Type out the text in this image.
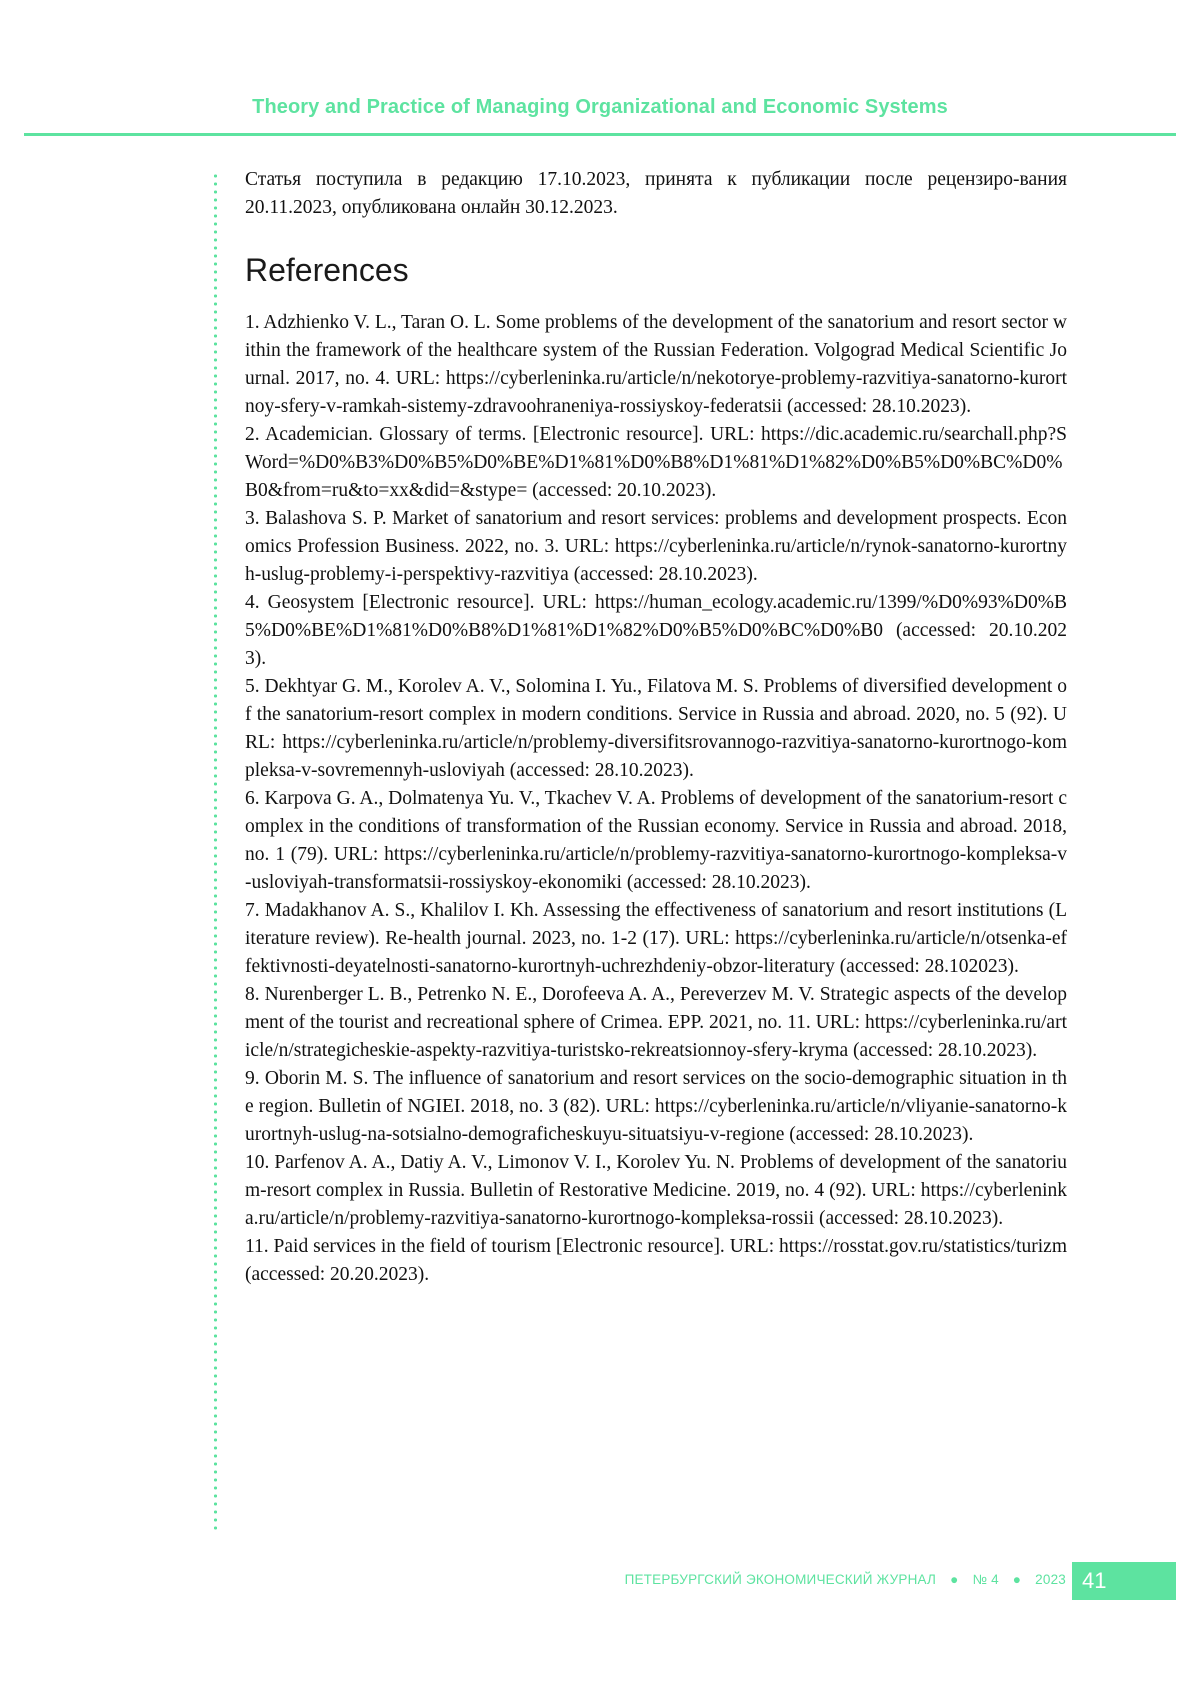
Theory and Practice of Managing Organizational and Economic Systems

Статья поступила в редакцию 17.10.2023, принята к публикации после рецензиро-вания 20.11.2023, опубликована онлайн 30.12.2023.

References
1. Adzhienko V. L., Taran O. L. Some problems of the development of the sanatorium and resort sector within the framework of the healthcare system of the Russian Federation. Volgograd Medical Scientific Journal. 2017, no. 4. URL: https://cyberleninka.ru/article/n/nekotorye-problemy-razvitiya-sanatorno-kurortnoy-sfery-v-ramkah-sistemy-zdravoohraneniya-rossiyskoy-federatsii (accessed: 28.10.2023).
2. Academician. Glossary of terms. [Electronic resource]. URL: https://dic.academic.ru/searchall.php?SWord=%D0%B3%D0%B5%D0%BE%D1%81%D0%B8%D1%81%D1%82%D0%B5%D0%BC%D0%B0&from=ru&to=xx&did=&stype= (accessed: 20.10.2023).
3. Balashova S. P. Market of sanatorium and resort services: problems and development prospects. Economics Profession Business. 2022, no. 3. URL: https://cyberleninka.ru/article/n/rynok-sanatorno-kurortnyh-uslug-problemy-i-perspektivy-razvitiya (accessed: 28.10.2023).
4. Geosystem [Electronic resource]. URL: https://human_ecology.academic.ru/1399/%D0%93%D0%B5%D0%BE%D1%81%D0%B8%D1%81%D1%82%D0%B5%D0%BC%D0%B0 (accessed: 20.10.2023).
5. Dekhtyar G. M., Korolev A. V., Solomina I. Yu., Filatova M. S. Problems of diversified development of the sanatorium-resort complex in modern conditions. Service in Russia and abroad. 2020, no. 5 (92). URL: https://cyberleninka.ru/article/n/problemy-diversifitsrovannogo-razvitiya-sanatorno-kurortnogo-kompleksa-v-sovremennyh-usloviyah (accessed: 28.10.2023).
6. Karpova G. A., Dolmatenya Yu. V., Tkachev V. A. Problems of development of the sanatorium-resort complex in the conditions of transformation of the Russian economy. Service in Russia and abroad. 2018, no. 1 (79). URL: https://cyberleninka.ru/article/n/problemy-razvitiya-sanatorno-kurortnogo-kompleksa-v-usloviyah-transformatsii-rossiyskoy-ekonomiki (accessed: 28.10.2023).
7. Madakhanov A. S., Khalilov I. Kh. Assessing the effectiveness of sanatorium and resort institutions (Literature review). Re-health journal. 2023, no. 1-2 (17). URL: https://cyberleninka.ru/article/n/otsenka-effektivnosti-deyatelnosti-sanatorno-kurortnyh-uchrezhdeniy-obzor-literatury (accessed: 28.102023).
8. Nurenberger L. B., Petrenko N. E., Dorofeeva A. A., Pereverzev M. V. Strategic aspects of the development of the tourist and recreational sphere of Crimea. EPP. 2021, no. 11. URL: https://cyberleninka.ru/article/n/strategicheskie-aspekty-razvitiya-turistsko-rekreatsionnoy-sfery-kryma (accessed: 28.10.2023).
9. Oborin M. S. The influence of sanatorium and resort services on the socio-demographic situation in the region. Bulletin of NGIEI. 2018, no. 3 (82). URL: https://cyberleninka.ru/article/n/vliyanie-sanatorno-kurortnyh-uslug-na-sotsialno-demograficheskuyu-situatsiyu-v-regione (accessed: 28.10.2023).
10. Parfenov A. A., Datiy A. V., Limonov V. I., Korolev Yu. N. Problems of development of the sanatorium-resort complex in Russia. Bulletin of Restorative Medicine. 2019, no. 4 (92). URL: https://cyberleninka.ru/article/n/problemy-razvitiya-sanatorno-kurortnogo-kompleksa-rossii (accessed: 28.10.2023).
11. Paid services in the field of tourism [Electronic resource]. URL: https://rosstat.gov.ru/statistics/turizm (accessed: 20.20.2023).
ПЕТЕРБУРГСКИЙ ЭКОНОМИЧЕСКИЙ ЖУРНАЛ ● № 4 ● 2023 41
